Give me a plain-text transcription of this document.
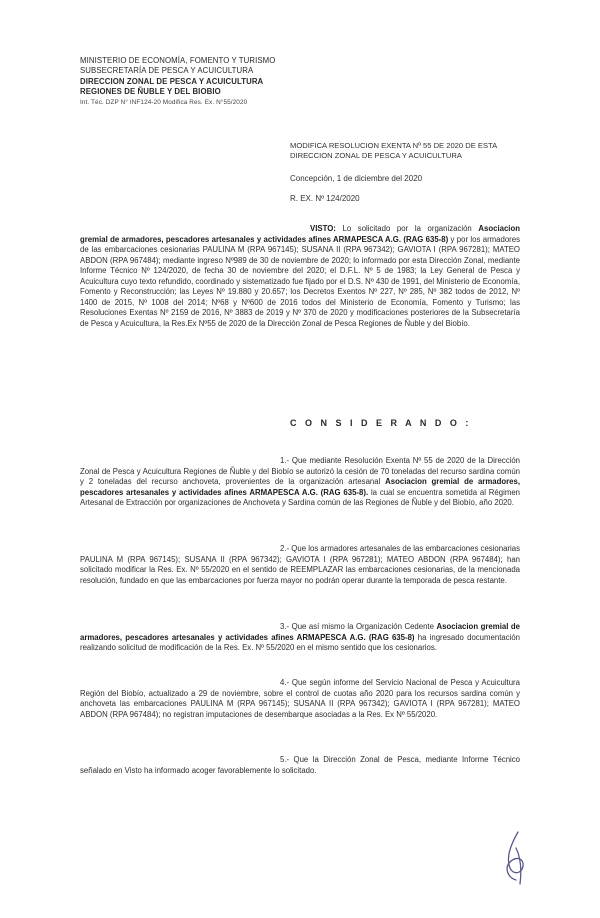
MINISTERIO DE ECONOMÍA, FOMENTO Y TURISMO
SUBSECRETARÍA DE PESCA Y ACUICULTURA
DIRECCION ZONAL DE PESCA Y ACUICULTURA
REGIONES DE ÑUBLE Y DEL BIOBIO
Int. Téc. DZP N° INF124-20 Modifica Res. Ex. N°55/2020
MODIFICA RESOLUCION EXENTA Nº 55 DE 2020 DE ESTA DIRECCION ZONAL DE PESCA Y ACUICULTURA
Concepción, 1 de diciembre del 2020
R. EX. Nº 124/2020
VISTO: Lo solicitado por la organización Asociacion gremial de armadores, pescadores artesanales y actividades afines ARMAPESCA A.G. (RAG 635-8) y por los armadores de las embarcaciones cesionarias PAULINA M (RPA 967145); SUSANA II (RPA 967342); GAVIOTA I (RPA 967281); MATEO ABDON (RPA 967484); mediante ingreso Nº989 de 30 de noviembre de 2020; lo informado por esta Dirección Zonal, mediante Informe Técnico Nº 124/2020, de fecha 30 de noviembre del 2020; el D.F.L. Nº 5 de 1983; la Ley General de Pesca y Acuicultura cuyo texto refundido, coordinado y sistematizado fue fijado por el D.S. Nº 430 de 1991, del Ministerio de Economía, Fomento y Reconstrucción; las Leyes Nº 19.880 y 20.657; los Decretos Exentos Nº 227, Nº 285, Nº 382 todos de 2012, Nº 1400 de 2015, Nº 1008 del 2014; Nº68 y Nº600 de 2016 todos del Ministerio de Economía, Fomento y Turismo; las Resoluciones Exentas Nº 2159 de 2016, Nº 3883 de 2019 y Nº 370 de 2020 y modificaciones posteriores de la Subsecretaría de Pesca y Acuicultura, la Res.Ex Nº55 de 2020 de la Dirección Zonal de Pesca Regiones de Ñuble y del Biobío.
C O N S I D E R A N D O :
1.- Que mediante Resolución Exenta Nº 55 de 2020 de la Dirección Zonal de Pesca y Acuicultura Regiones de Ñuble y del Biobío se autorizó la cesión de 70 toneladas del recurso sardina común y 2 toneladas del recurso anchoveta, provenientes de la organización artesanal Asociacion gremial de armadores, pescadores artesanales y actividades afines ARMAPESCA A.G. (RAG 635-8). la cual se encuentra sometida al Régimen Artesanal de Extracción por organizaciones de Anchoveta y Sardina común de las Regiones de Ñuble y del Biobío, año 2020.
2.- Que los armadores artesanales de las embarcaciones cesionarias PAULINA M (RPA 967145); SUSANA II (RPA 967342); GAVIOTA I (RPA 967281); MATEO ABDON (RPA 967484); han solicitado modificar la Res. Ex. Nº 55/2020 en el sentido de REEMPLAZAR las embarcaciones cesionarias, de la mencionada resolución, fundado en que las embarcaciones por fuerza mayor no podrán operar durante la temporada de pesca restante.
3.- Que así mismo la Organización Cedente Asociacion gremial de armadores, pescadores artesanales y actividades afines ARMAPESCA A.G. (RAG 635-8) ha ingresado documentación realizando solicitud de modificación de la Res. Ex. Nº 55/2020 en el mismo sentido que los cesionarios.
4.- Que según informe del Servicio Nacional de Pesca y Acuicultura Región del Biobío, actualizado a 29 de noviembre, sobre el control de cuotas año 2020 para los recursos sardina común y anchoveta las embarcaciones PAULINA M (RPA 967145); SUSANA II (RPA 967342); GAVIOTA I (RPA 967281); MATEO ABDON (RPA 967484); no registran imputaciones de desembarque asociadas a la Res. Ex Nº 55/2020.
5.- Que la Dirección Zonal de Pesca, mediante Informe Técnico señalado en Visto ha informado acoger favorablemente lo solicitado.
